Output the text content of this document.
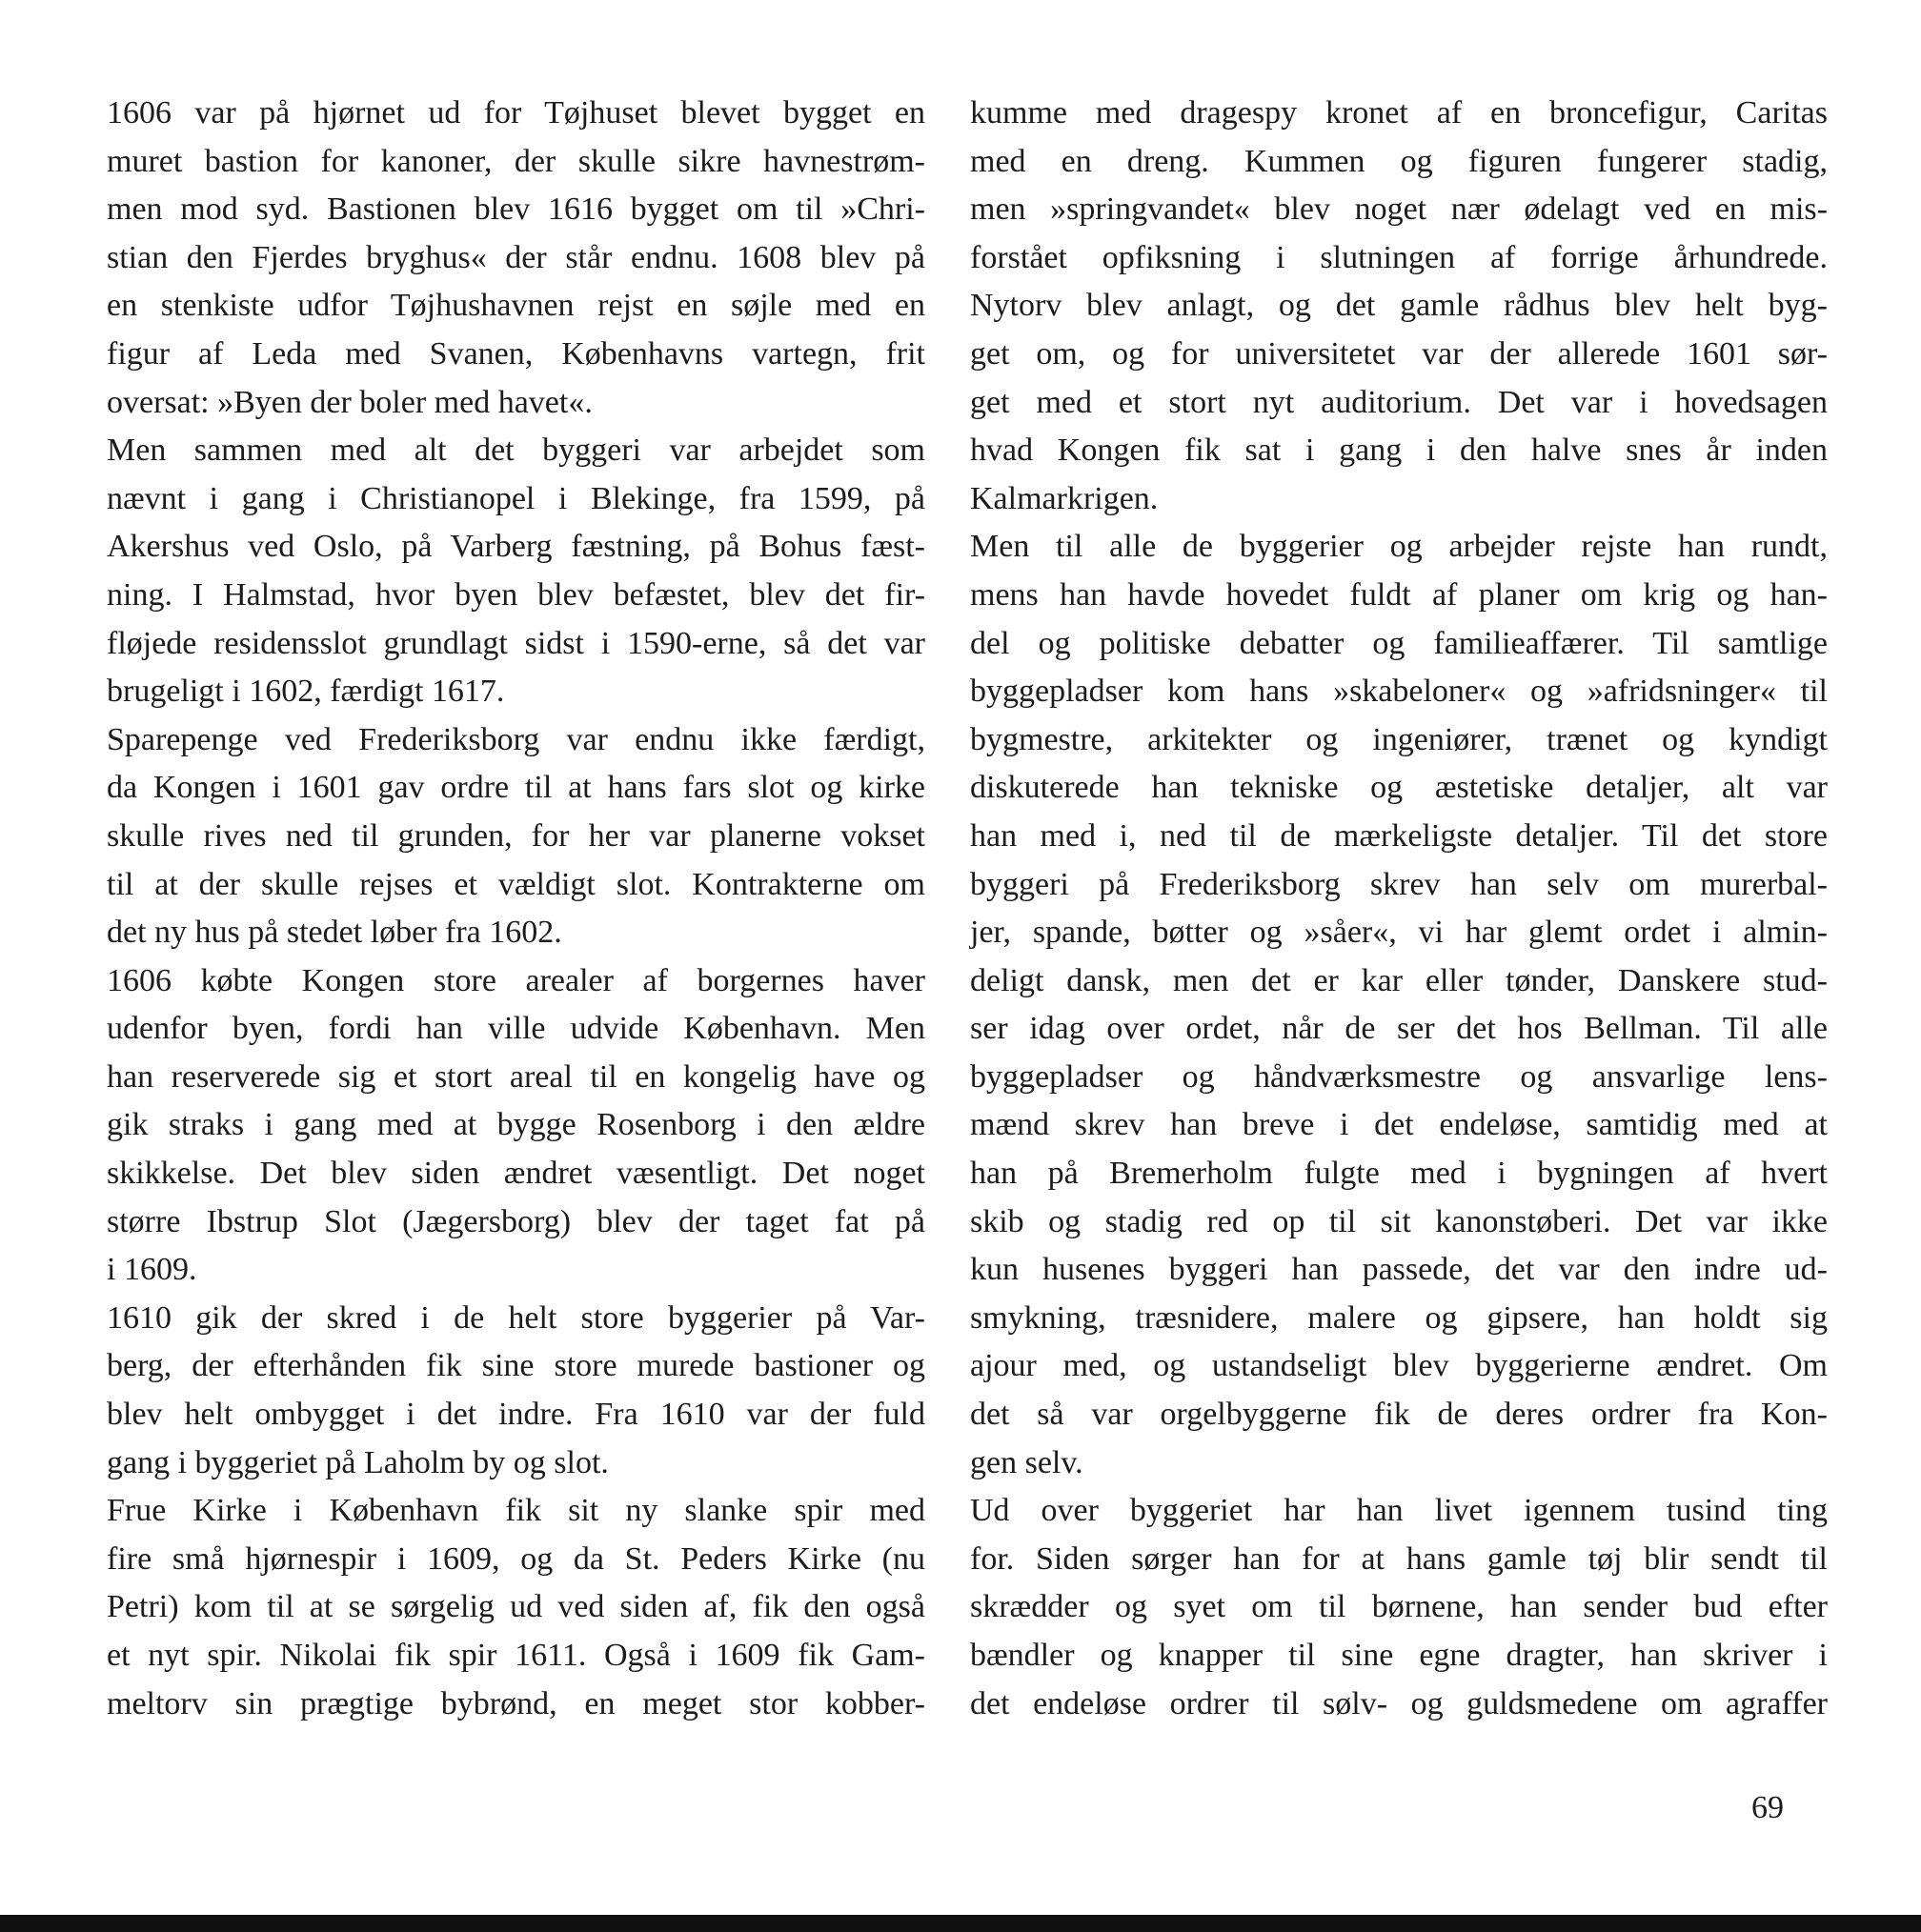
1606 var på hjørnet ud for Tøjhuset blevet bygget en
muret bastion for kanoner, der skulle sikre havnestrøm-
men mod syd. Bastionen blev 1616 bygget om til »Chri-
stian den Fjerdes bryghus« der står endnu. 1608 blev på
en stenkiste udfor Tøjhushavnen rejst en søjle med en
figur af Leda med Svanen, Københavns vartegn, frit
oversat: »Byen der boler med havet«.
Men sammen med alt det byggeri var arbejdet som
nævnt i gang i Christianopel i Blekinge, fra 1599, på
Akershus ved Oslo, på Varberg fæstning, på Bohus fæst-
ning. I Halmstad, hvor byen blev befæstet, blev det fir-
fløjede residensslot grundlagt sidst i 1590-erne, så det var
brugeligt i 1602, færdigt 1617.
Sparepenge ved Frederiksborg var endnu ikke færdigt,
da Kongen i 1601 gav ordre til at hans fars slot og kirke
skulle rives ned til grunden, for her var planerne vokset
til at der skulle rejses et vældigt slot. Kontrakterne om
det ny hus på stedet løber fra 1602.
1606 købte Kongen store arealer af borgernes haver
udenfor byen, fordi han ville udvide København. Men
han reserverede sig et stort areal til en kongelig have og
gik straks i gang med at bygge Rosenborg i den ældre
skikkelse. Det blev siden ændret væsentligt. Det noget
større Ibstrup Slot (Jægersborg) blev der taget fat på
i 1609.
1610 gik der skred i de helt store byggerier på Var-
berg, der efterhånden fik sine store murede bastioner og
blev helt ombygget i det indre. Fra 1610 var der fuld
gang i byggeriet på Laholm by og slot.
Frue Kirke i København fik sit ny slanke spir med
fire små hjørnespir i 1609, og da St. Peders Kirke (nu
Petri) kom til at se sørgelig ud ved siden af, fik den også
et nyt spir. Nikolai fik spir 1611. Også i 1609 fik Gam-
meltorv sin prægtige bybrønd, en meget stor kobber-
kumme med dragespy kronet af en broncefigur, Caritas
med en dreng. Kummen og figuren fungerer stadig,
men »springvandet« blev noget nær ødelagt ved en mis-
forstået opfiksning i slutningen af forrige århundrede.
Nytorv blev anlagt, og det gamle rådhus blev helt byg-
get om, og for universitetet var der allerede 1601 sør-
get med et stort nyt auditorium. Det var i hovedsagen
hvad Kongen fik sat i gang i den halve snes år inden
Kalmarkrigen.
Men til alle de byggerier og arbejder rejste han rundt,
mens han havde hovedet fuldt af planer om krig og han-
del og politiske debatter og familieaffærer. Til samtlige
byggepladser kom hans »skabeloner« og »afridsninger« til
bygmestre, arkitekter og ingeniører, trænet og kyndigt
diskuterede han tekniske og æstetiske detaljer, alt var
han med i, ned til de mærkeligste detaljer. Til det store
byggeri på Frederiksborg skrev han selv om murerbal-
jer, spande, bøtter og »såer«, vi har glemt ordet i almin-
deligt dansk, men det er kar eller tønder, Danskere stud-
ser idag over ordet, når de ser det hos Bellman. Til alle
byggepladser og håndværksmestre og ansvarlige lens-
mænd skrev han breve i det endeløse, samtidig med at
han på Bremerholm fulgte med i bygningen af hvert
skib og stadig red op til sit kanonstøberi. Det var ikke
kun husenes byggeri han passede, det var den indre ud-
smykning, træsnidere, malere og gipsere, han holdt sig
ajour med, og ustandseligt blev byggerierne ændret. Om
det så var orgelbyggerne fik de deres ordrer fra Kon-
gen selv.
Ud over byggeriet har han livet igennem tusind ting
for. Siden sørger han for at hans gamle tøj blir sendt til
skrædder og syet om til børnene, han sender bud efter
bændler og knapper til sine egne dragter, han skriver i
det endeløse ordrer til sølv- og guldsmedene om agraffer
69
